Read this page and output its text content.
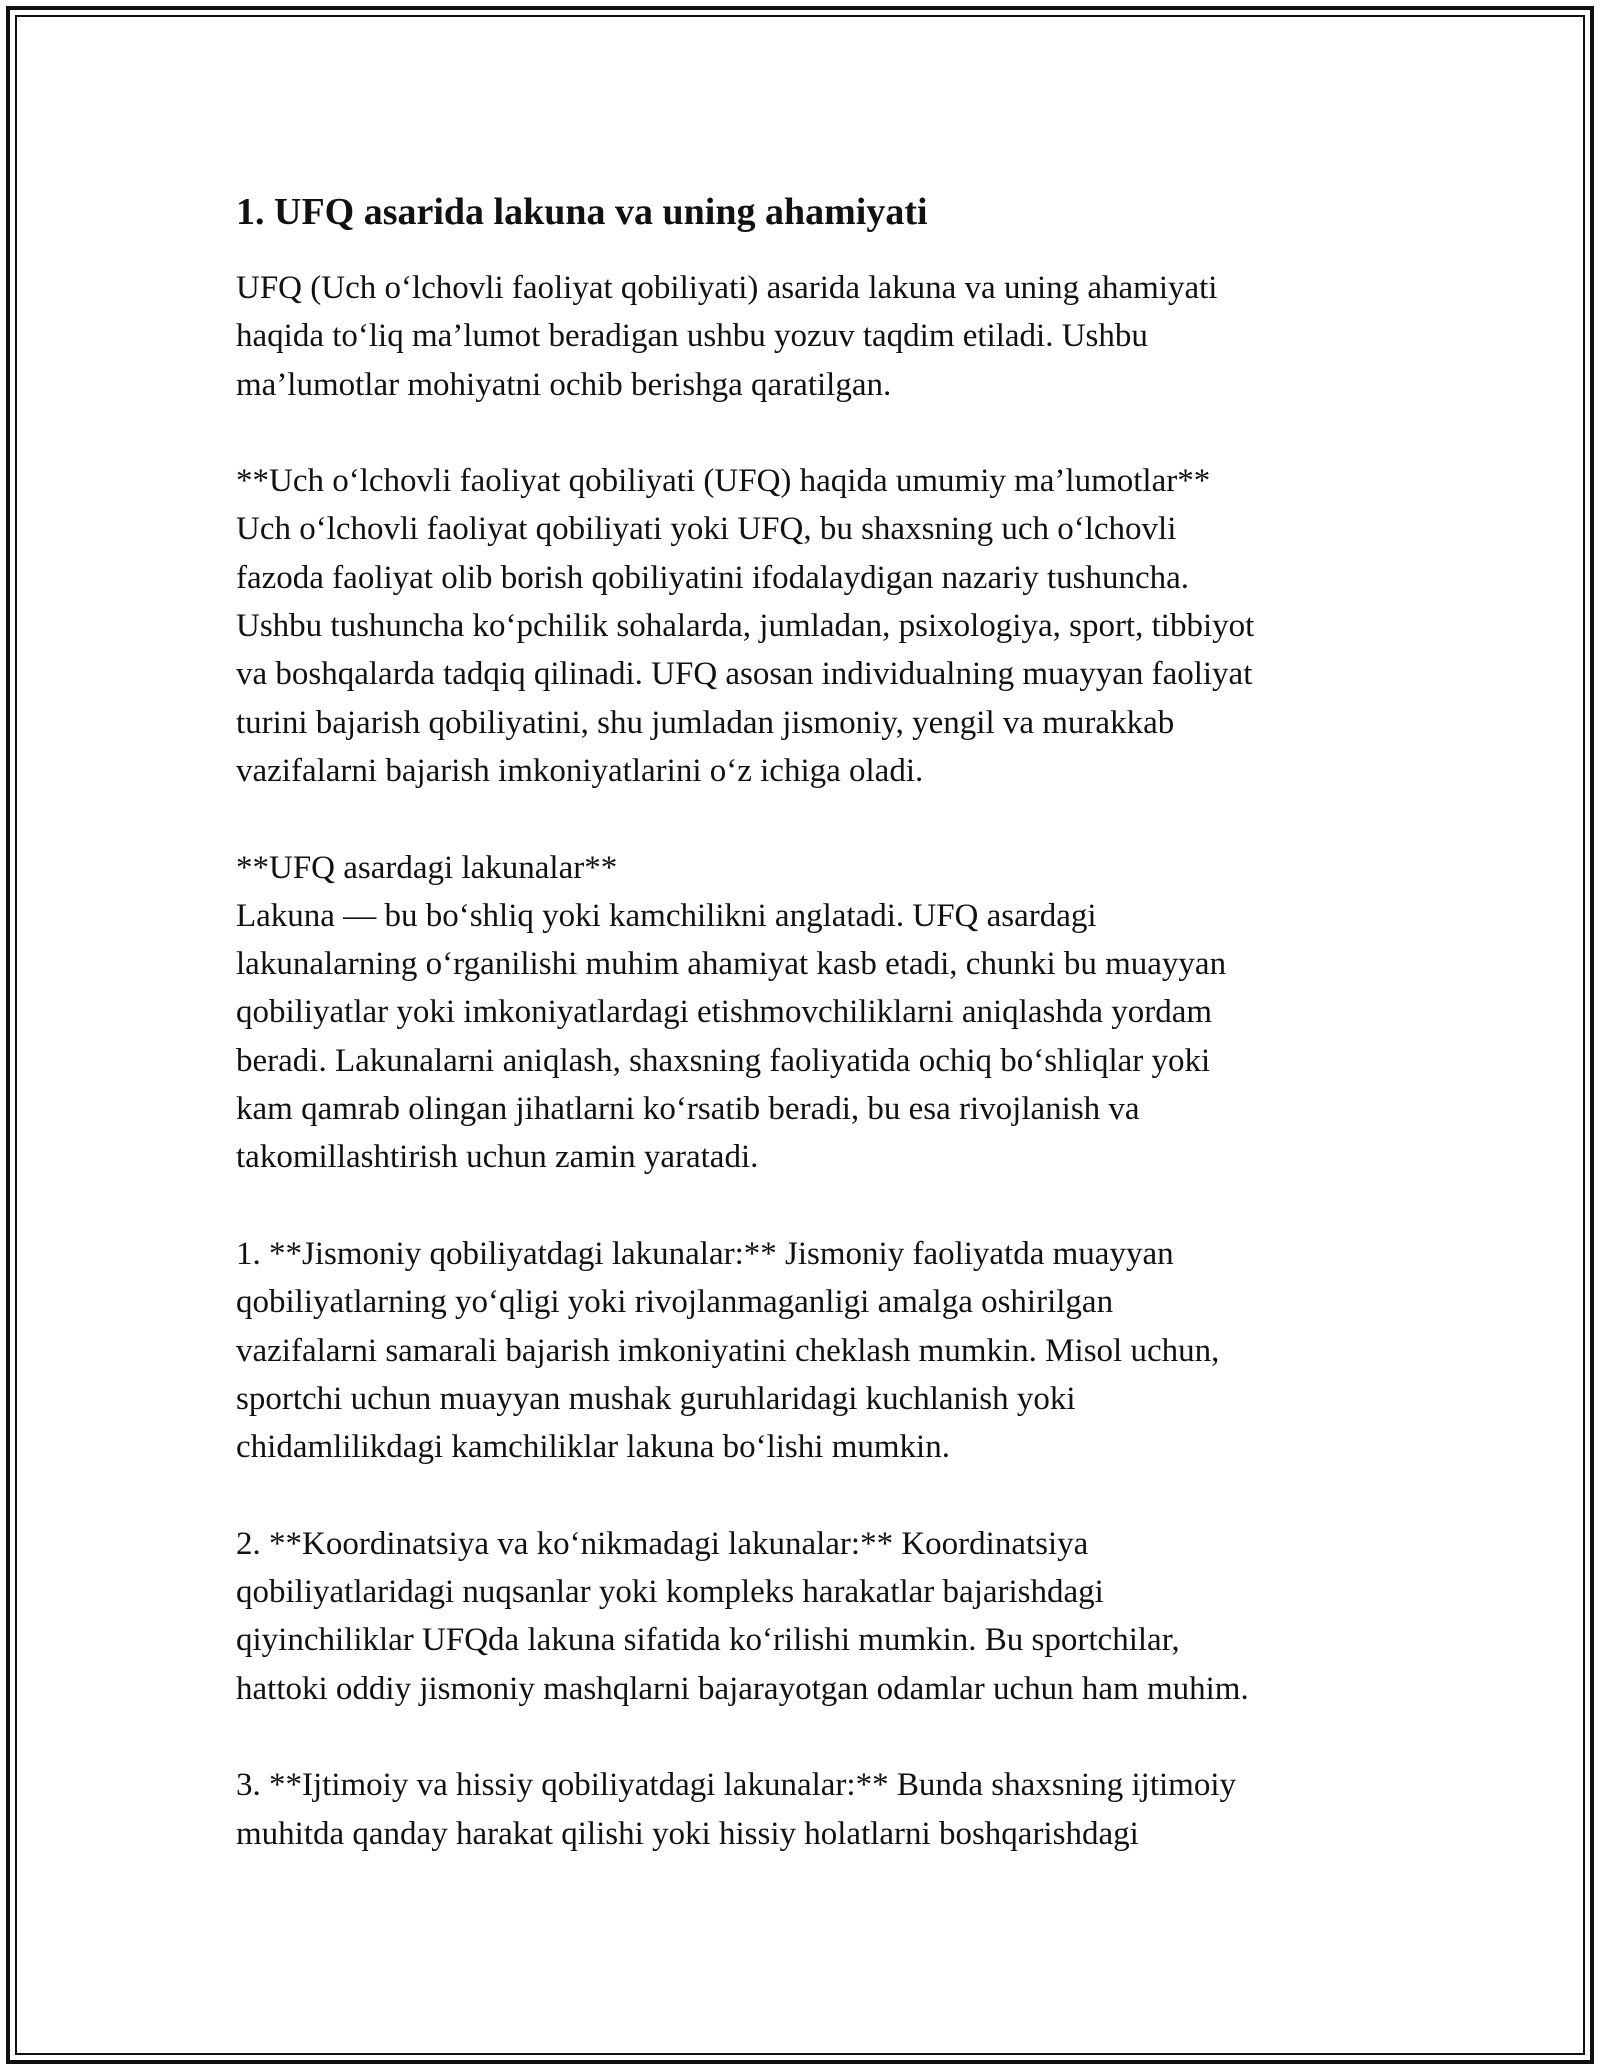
1. UFQ asarida lakuna va uning ahamiyati
UFQ (Uch o‘lchovli faoliyat qobiliyati) asarida lakuna va uning ahamiyati
haqida to‘liq ma’lumot beradigan ushbu yozuv taqdim etiladi. Ushbu
ma’lumotlar mohiyatni ochib berishga qaratilgan.
**Uch o‘lchovli faoliyat qobiliyati (UFQ) haqida umumiy ma’lumotlar**
Uch o‘lchovli faoliyat qobiliyati yoki UFQ, bu shaxsning uch o‘lchovli
fazoda faoliyat olib borish qobiliyatini ifodalaydigan nazariy tushuncha.
Ushbu tushuncha ko‘pchilik sohalarda, jumladan, psixologiya, sport, tibbiyot
va boshqalarda tadqiq qilinadi. UFQ asosan individualning muayyan faoliyat
turini bajarish qobiliyatini, shu jumladan jismoniy, yengil va murakkab
vazifalarni bajarish imkoniyatlarini o‘z ichiga oladi.
**UFQ asardagi lakunalar**
Lakuna — bu bo‘shliq yoki kamchilikni anglatadi. UFQ asardagi
lakunalarning o‘rganilishi muhim ahamiyat kasb etadi, chunki bu muayyan
qobiliyatlar yoki imkoniyatlardagi etishmovchiliklarni aniqlashda yordam
beradi. Lakunalarni aniqlash, shaxsning faoliyatida ochiq bo‘shliqlar yoki
kam qamrab olingan jihatlarni ko‘rsatib beradi, bu esa rivojlanish va
takomillashtirish uchun zamin yaratadi.
1. **Jismoniy qobiliyatdagi lakunalar:** Jismoniy faoliyatda muayyan
qobiliyatlarning yo‘qligi yoki rivojlanmaganligi amalga oshirilgan
vazifalarni samarali bajarish imkoniyatini cheklash mumkin. Misol uchun,
sportchi uchun muayyan mushak guruhlaridagi kuchlanish yoki
chidamlilikdagi kamchiliklar lakuna bo‘lishi mumkin.
2. **Koordinatsiya va ko‘nikmadagi lakunalar:** Koordinatsiya
qobiliyatlaridagi nuqsanlar yoki kompleks harakatlar bajarishdagi
qiyinchiliklar UFQda lakuna sifatida ko‘rilishi mumkin. Bu sportchilar,
hattoki oddiy jismoniy mashqlarni bajarayotgan odamlar uchun ham muhim.
3. **Ijtimoiy va hissiy qobiliyatdagi lakunalar:** Bunda shaxsning ijtimoiy
muhitda qanday harakat qilishi yoki hissiy holatlarni boshqarishdagi
